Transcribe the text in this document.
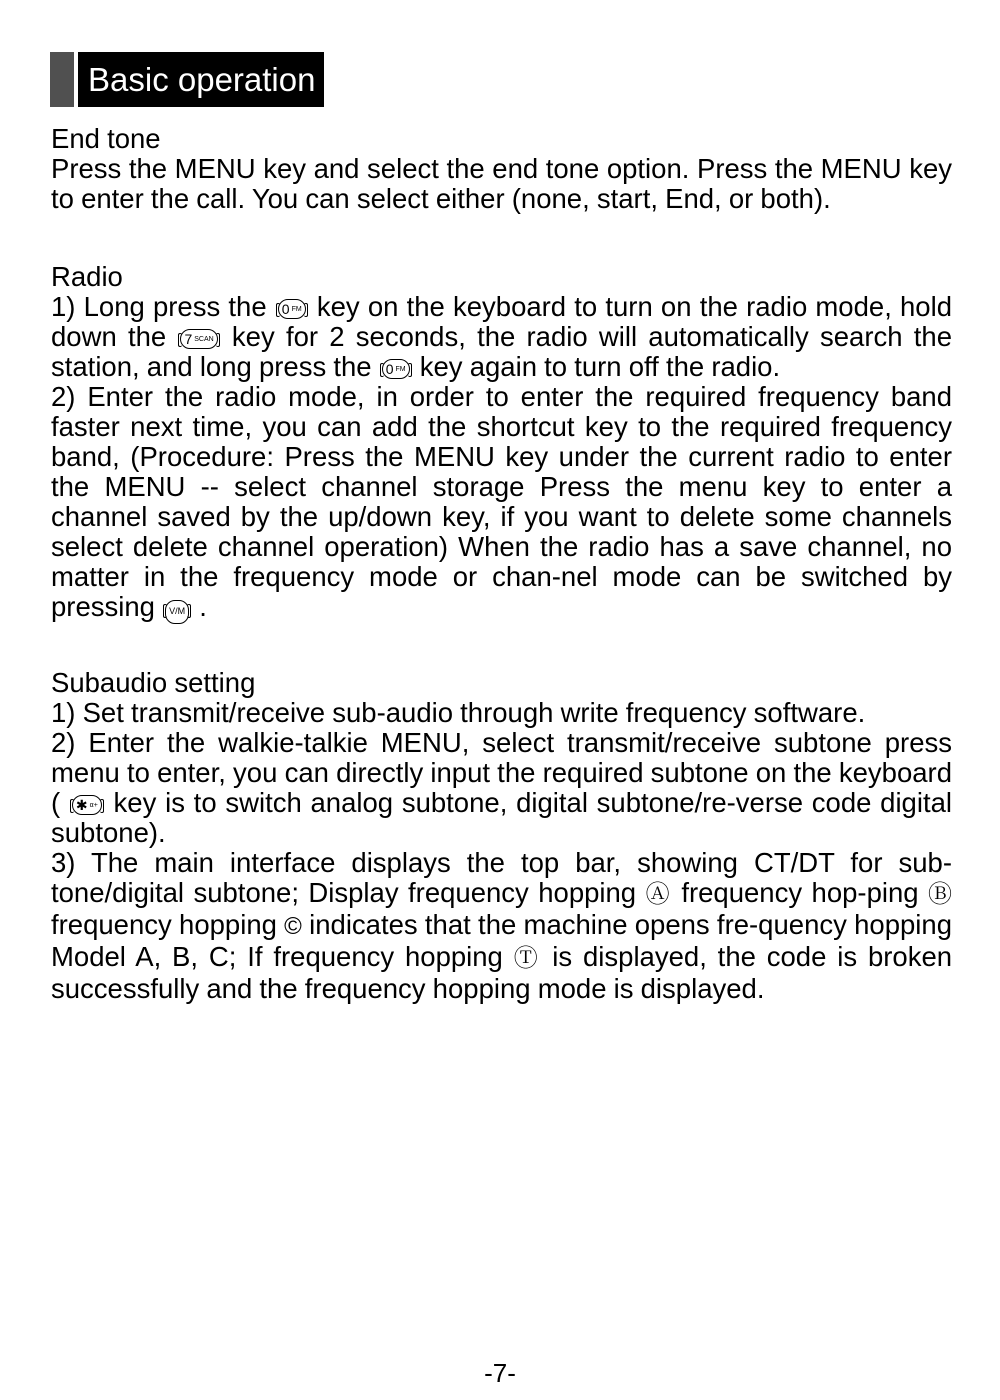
Basic operation
End tone
Press the MENU key and select the end tone option. Press the MENU key to enter the call. You can select either (none, start, End, or both).
Radio
1) Long press the 0 FM key on the keyboard to turn on the radio mode, hold down the 7 SCAN key for 2 seconds, the radio will automatically search the station, and long press the 0 FM key again to turn off the radio.
2) Enter the radio mode, in order to enter the required frequency band faster next time, you can add the shortcut key to the required frequency band, (Procedure: Press the MENU key under the current radio to enter the MENU -- select channel storage Press the menu key to enter a channel saved by the up/down key, if you want to delete some channels select delete channel operation) When the radio has a save channel, no matter in the frequency mode or chan-nel mode can be switched by pressing V/M .
Subaudio setting
1) Set transmit/receive sub-audio through write frequency software.
2) Enter the walkie-talkie MENU, select transmit/receive subtone press menu to enter, you can directly input the required subtone on the keyboard ( ✱ α+ key is to switch analog subtone, digital subtone/re-verse code digital subtone).
3) The main interface displays the top bar, showing CT/DT for sub-tone/digital subtone; Display frequency hopping Ⓐ frequency hop-ping Ⓑ frequency hopping © indicates that the machine opens fre-quency hopping Model A, B, C; If frequency hopping Ⓣ is displayed, the code is broken successfully and the frequency hopping mode is displayed.
-7-
